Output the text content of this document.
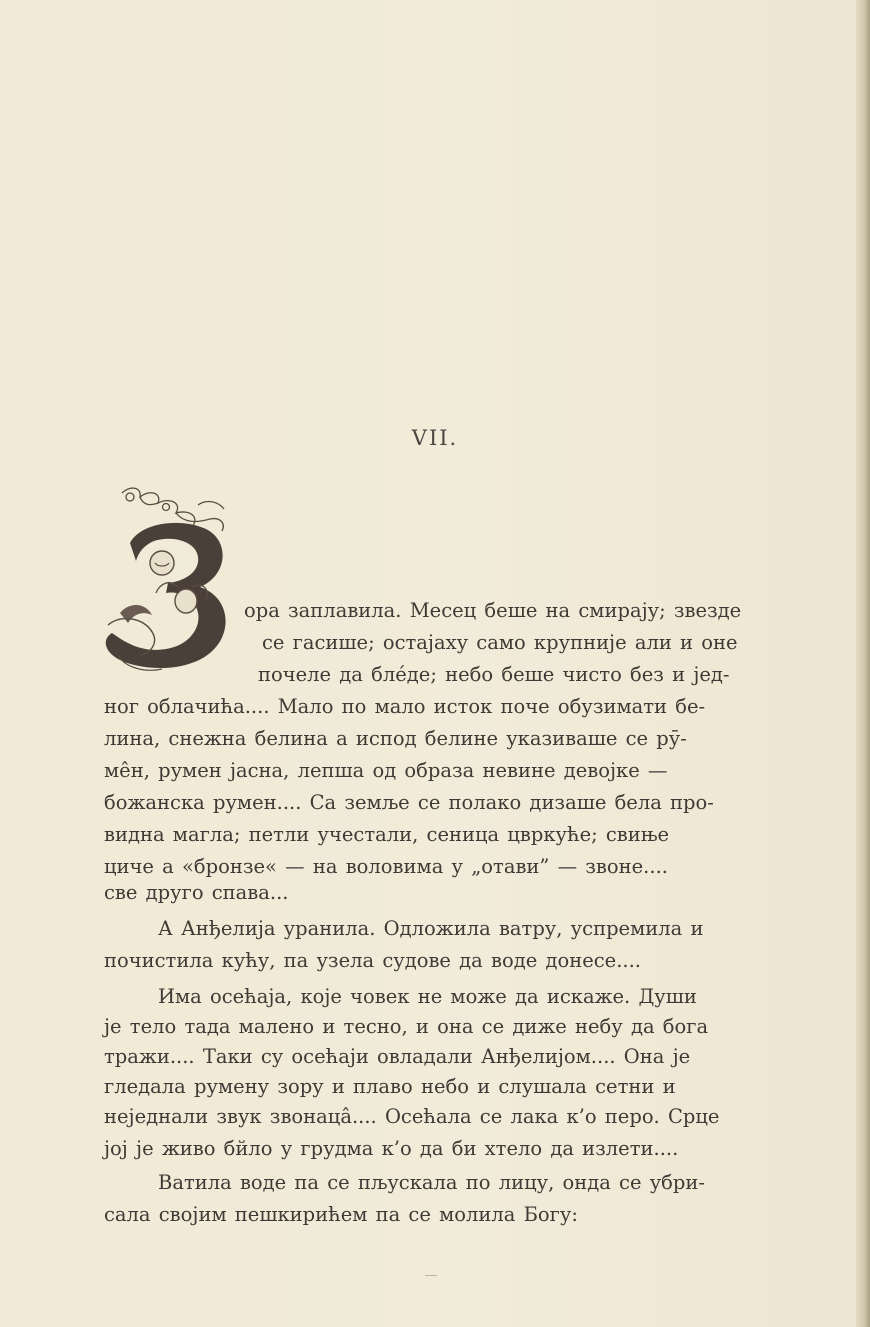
VII.
ора заплавила. Месец беше на смирају; звезде
се гасише; остајаху само крупније али и оне
почеле да блéде; небо беше чисто без и јед-
ног облачића.... Мало по мало исток поче обузимати бе-
лина, снежна белина а испод белине указиваше се рӯ-
мêн, румен јасна, лепша од образа невине девојке —
божанска румен.... Са земље се полако дизаше бела про-
видна магла; петли учестали, сеница цвркуће; свиње
циче а «бронзе« — на воловима у „отави” — звоне....
све друго спава...
А Анђелија уранила. Одложила ватру, успремила и
почистила кућу, па узела судове да воде донесе....
Има осећаја, које човек не може да искаже. Души
је тело тада малено и тесно, и она се диже небу да бога
тражи.... Таки су осећаји овладали Анђелијом.... Она је
гледала румену зору и плаво небо и слушала сетни и
неједнали звук звонацâ.... Осећала се лака к’о перо. Срце
јој је живо бйло у грудма к’о да би хтело да излети....
Ватила воде па се пљускала по лицу, онда се убри-
сала својим пешкирићем па се молила Богу:
